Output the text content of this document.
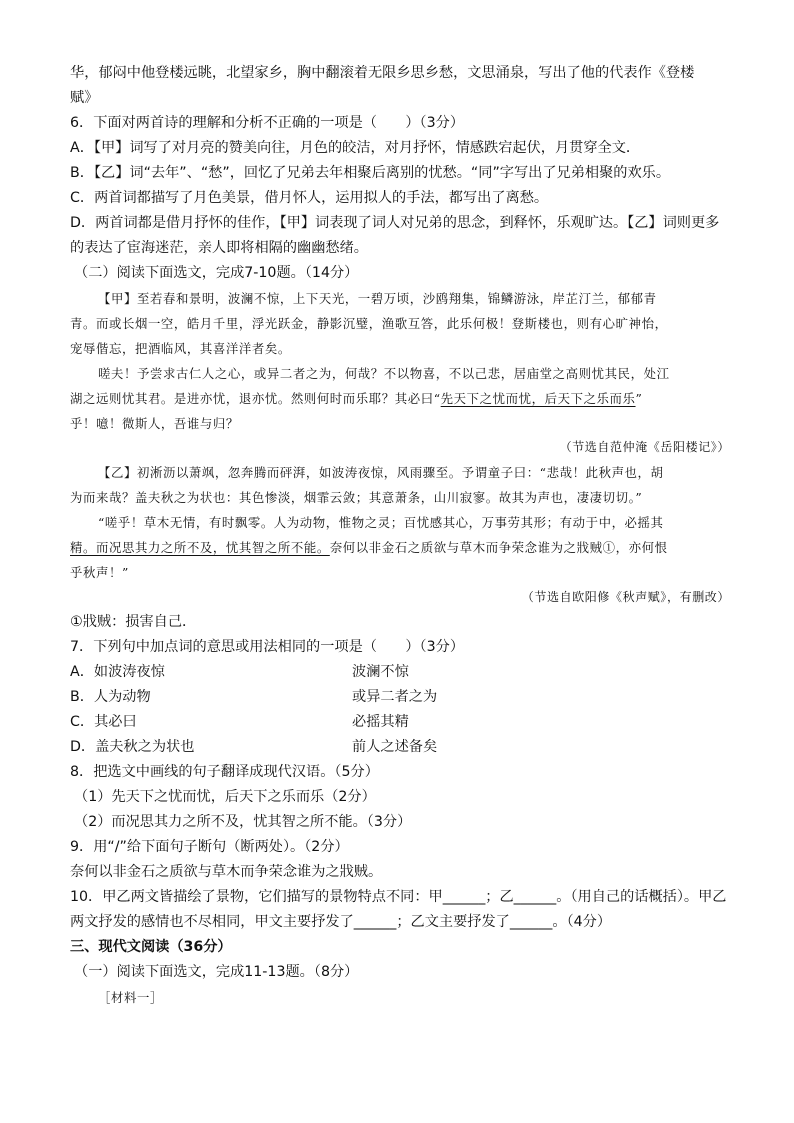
华，郁闷中他登楼远眺，北望家乡，胸中翻滚着无限乡思乡愁，文思涌泉，写出了他的代表作《登楼
赋》
6．下面对两首诗的理解和分析不正确的一项是（　　）（3分）
A．【甲】词写了对月亮的赞美向往，月色的皎洁，对月抒怀，情感跌宕起伏，月贯穿全文．
B．【乙】词“去年”、“愁”，回忆了兄弟去年相聚后离别的忧愁。“同”字写出了兄弟相聚的欢乐。
C．两首词都描写了月色美景，借月怀人，运用拟人的手法，都写出了离愁。
D．两首词都是借月抒怀的佳作，【甲】词表现了词人对兄弟的思念，到释怀，乐观旷达。【乙】词则更多
的表达了宦海迷茫，亲人即将相隔的幽幽愁绪。
（二）阅读下面选文，完成7-10题。（14分）
【甲】至若春和景明，波澜不惊，上下天光，一碧万顷，沙鸥翔集，锦鳞游泳，岸芷汀兰，郁郁青
青。而或长烟一空，皓月千里，浮光跃金，静影沉璧，渔歌互答，此乐何极！登斯楼也，则有心旷神怡，
宠辱偕忘，把酒临风，其喜洋洋者矣。
嗟夫！予尝求古仁人之心，或异二者之为，何哉？不以物喜，不以己悲，居庙堂之高则忧其民，处江
湖之远则忧其君。是进亦忧，退亦忧。然则何时而乐耶？其必曰“先天下之忧而忧，后天下之乐而乐”
乎！噫！微斯人，吾谁与归？
（节选自范仲淹《岳阳楼记》）
【乙】初淅沥以萧飒，忽奔腾而砰湃，如波涛夜惊，风雨骤至。予谓童子曰：“悲哉！此秋声也，胡
为而来哉？盖夫秋之为状也：其色惨淡，烟霏云敛；其意萧条，山川寂寥。故其为声也，凄凄切切。”
“嗟乎！草木无情，有时飘零。人为动物，惟物之灵；百忧感其心，万事劳其形；有动于中，必摇其
精。而况思其力之所不及，忧其智之所不能。奈何以非金石之质欲与草木而争荣念谁为之戕贼①，亦何恨
乎秋声！”
（节选自欧阳修《秋声赋》，有删改）
①戕贼：损害自己．
7．下列句中加点词的意思或用法相同的一项是（　　）（3分）
A．如波涛夜惊	波澜不惊
B．人为动物	或异二者之为
C．其必曰	必摇其精
D．盖夫秋之为状也	前人之述备矣
8．把选文中画线的句子翻译成现代汉语。（5分）
（1）先天下之忧而忧，后天下之乐而乐（2分）
（2）而况思其力之所不及，忧其智之所不能。（3分）
9．用“/”给下面句子断句（断两处）。（2分）
奈何以非金石之质欲与草木而争荣念谁为之戕贼。
10．甲乙两文皆描绘了景物，它们描写的景物特点不同：甲______；乙______。（用自己的话概括）。甲乙
两文抒发的感情也不尽相同，甲文主要抒发了______；乙文主要抒发了______。（4分）
三、现代文阅读（36分）
（一）阅读下面选文，完成11-13题。（8分）
［材料一］
